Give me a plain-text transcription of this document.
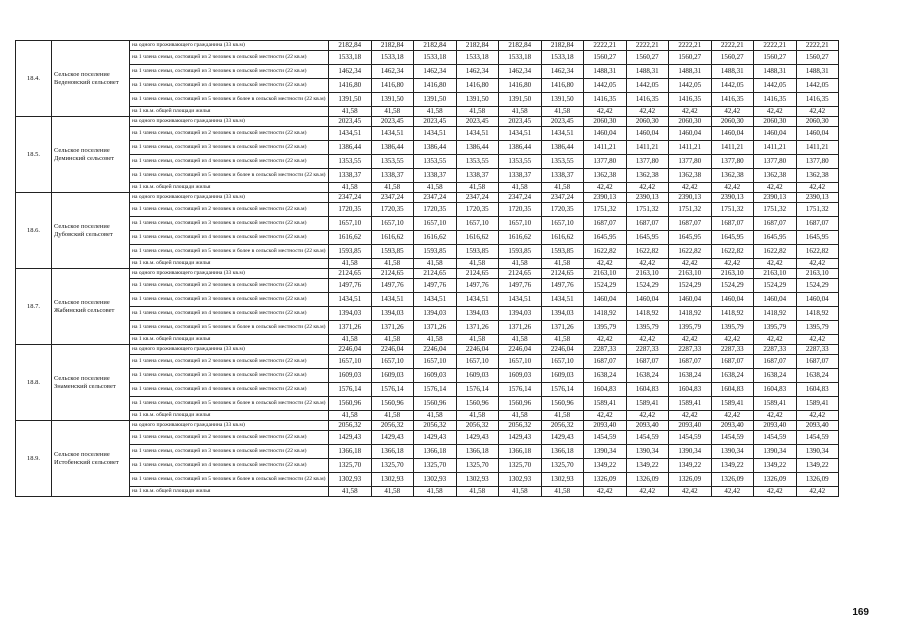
18.4.	Сельское поселение Веденовский сельсовет	на одного проживающего гражданина (33 кв.м)	2182,84	2182,84	2182,84	2182,84	2182,84	2182,84	2222,21	2222,21	2222,21	2222,21	2222,21	2222,21
		на 1 члена семьи, состоящей из 2 человек в сельской местности (22 кв.м)	1533,18	1533,18	1533,18	1533,18	1533,18	1533,18	1560,27	1560,27	1560,27	1560,27	1560,27	1560,27
		на 1 члена семьи, состоящей из 3 человек в сельской местности (22 кв.м)	1462,34	1462,34	1462,34	1462,34	1462,34	1462,34	1488,31	1488,31	1488,31	1488,31	1488,31	1488,31
		на 1 члена семьи, состоящей из 4 человек в сельской местности (22 кв.м)	1416,80	1416,80	1416,80	1416,80	1416,80	1416,80	1442,05	1442,05	1442,05	1442,05	1442,05	1442,05
		на 1 члена семьи, состоящей из 5 человек и более в сельской местности (22 кв.м)	1391,50	1391,50	1391,50	1391,50	1391,50	1391,50	1416,35	1416,35	1416,35	1416,35	1416,35	1416,35
		на 1 кв.м. общей площади жилья	41,58	41,58	41,58	41,58	41,58	41,58	42,42	42,42	42,42	42,42	42,42	42,42
18.5.	Сельское поселение Деминский сельсовет	на одного проживающего гражданина (33 кв.м)	2023,45	2023,45	2023,45	2023,45	2023,45	2023,45	2060,30	2060,30	2060,30	2060,30	2060,30	2060,30
		на 1 члена семьи, состоящей из 2 человек в сельской местности (22 кв.м)	1434,51	1434,51	1434,51	1434,51	1434,51	1434,51	1460,04	1460,04	1460,04	1460,04	1460,04	1460,04
		на 1 члена семьи, состоящей из 3 человек в сельской местности (22 кв.м)	1386,44	1386,44	1386,44	1386,44	1386,44	1386,44	1411,21	1411,21	1411,21	1411,21	1411,21	1411,21
		на 1 члена семьи, состоящей из 4 человек в сельской местности (22 кв.м)	1353,55	1353,55	1353,55	1353,55	1353,55	1353,55	1377,80	1377,80	1377,80	1377,80	1377,80	1377,80
		на 1 члена семьи, состоящей из 5 человек и более в сельской местности (22 кв.м)	1338,37	1338,37	1338,37	1338,37	1338,37	1338,37	1362,38	1362,38	1362,38	1362,38	1362,38	1362,38
		на 1 кв.м. общей площади жилья	41,58	41,58	41,58	41,58	41,58	41,58	42,42	42,42	42,42	42,42	42,42	42,42
18.6.	Сельское поселение Дубовский сельсовет	на одного проживающего гражданина (33 кв.м)	2347,24	2347,24	2347,24	2347,24	2347,24	2347,24	2390,13	2390,13	2390,13	2390,13	2390,13	2390,13
		на 1 члена семьи, состоящей из 2 человек в сельской местности (22 кв.м)	1720,35	1720,35	1720,35	1720,35	1720,35	1720,35	1751,32	1751,32	1751,32	1751,32	1751,32	1751,32
		на 1 члена семьи, состоящей из 3 человек в сельской местности (22 кв.м)	1657,10	1657,10	1657,10	1657,10	1657,10	1657,10	1687,07	1687,07	1687,07	1687,07	1687,07	1687,07
		на 1 члена семьи, состоящей из 4 человек в сельской местности (22 кв.м)	1616,62	1616,62	1616,62	1616,62	1616,62	1616,62	1645,95	1645,95	1645,95	1645,95	1645,95	1645,95
		на 1 члена семьи, состоящей из 5 человек и более в сельской местности (22 кв.м)	1593,85	1593,85	1593,85	1593,85	1593,85	1593,85	1622,82	1622,82	1622,82	1622,82	1622,82	1622,82
		на 1 кв.м. общей площади жилья	41,58	41,58	41,58	41,58	41,58	41,58	42,42	42,42	42,42	42,42	42,42	42,42
18.7.	Сельское поселение Жабинский сельсовет	на одного проживающего гражданина (33 кв.м)	2124,65	2124,65	2124,65	2124,65	2124,65	2124,65	2163,10	2163,10	2163,10	2163,10	2163,10	2163,10
		на 1 члена семьи, состоящей из 2 человек в сельской местности (22 кв.м)	1497,76	1497,76	1497,76	1497,76	1497,76	1497,76	1524,29	1524,29	1524,29	1524,29	1524,29	1524,29
		на 1 члена семьи, состоящей из 3 человек в сельской местности (22 кв.м)	1434,51	1434,51	1434,51	1434,51	1434,51	1434,51	1460,04	1460,04	1460,04	1460,04	1460,04	1460,04
		на 1 члена семьи, состоящей из 4 человек в сельской местности (22 кв.м)	1394,03	1394,03	1394,03	1394,03	1394,03	1394,03	1418,92	1418,92	1418,92	1418,92	1418,92	1418,92
		на 1 члена семьи, состоящей из 5 человек и более в сельской местности (22 кв.м)	1371,26	1371,26	1371,26	1371,26	1371,26	1371,26	1395,79	1395,79	1395,79	1395,79	1395,79	1395,79
		на 1 кв.м. общей площади жилья	41,58	41,58	41,58	41,58	41,58	41,58	42,42	42,42	42,42	42,42	42,42	42,42
18.8.	Сельское поселение Знаменский сельсовет	на одного проживающего гражданина (33 кв.м)	2246,04	2246,04	2246,04	2246,04	2246,04	2246,04	2287,33	2287,33	2287,33	2287,33	2287,33	2287,33
		на 1 члена семьи, состоящей из 2 человек в сельской местности (22 кв.м)	1657,10	1657,10	1657,10	1657,10	1657,10	1657,10	1687,07	1687,07	1687,07	1687,07	1687,07	1687,07
		на 1 члена семьи, состоящей из 3 человек в сельской местности (22 кв.м)	1609,03	1609,03	1609,03	1609,03	1609,03	1609,03	1638,24	1638,24	1638,24	1638,24	1638,24	1638,24
		на 1 члена семьи, состоящей из 4 человек в сельской местности (22 кв.м)	1576,14	1576,14	1576,14	1576,14	1576,14	1576,14	1604,83	1604,83	1604,83	1604,83	1604,83	1604,83
		на 1 члена семьи, состоящей из 5 человек и более в сельской местности (22 кв.м)	1560,96	1560,96	1560,96	1560,96	1560,96	1560,96	1589,41	1589,41	1589,41	1589,41	1589,41	1589,41
		на 1 кв.м. общей площади жилья	41,58	41,58	41,58	41,58	41,58	41,58	42,42	42,42	42,42	42,42	42,42	42,42
18.9.	Сельское поселение Истобенский сельсовет	на одного проживающего гражданина (33 кв.м)	2056,32	2056,32	2056,32	2056,32	2056,32	2056,32	2093,40	2093,40	2093,40	2093,40	2093,40	2093,40
		на 1 члена семьи, состоящей из 2 человек в сельской местности (22 кв.м)	1429,43	1429,43	1429,43	1429,43	1429,43	1429,43	1454,59	1454,59	1454,59	1454,59	1454,59	1454,59
		на 1 члена семьи, состоящей из 3 человек в сельской местности (22 кв.м)	1366,18	1366,18	1366,18	1366,18	1366,18	1366,18	1390,34	1390,34	1390,34	1390,34	1390,34	1390,34
		на 1 члена семьи, состоящей из 4 человек в сельской местности (22 кв.м)	1325,70	1325,70	1325,70	1325,70	1325,70	1325,70	1349,22	1349,22	1349,22	1349,22	1349,22	1349,22
		на 1 члена семьи, состоящей из 5 человек и более в сельской местности (22 кв.м)	1302,93	1302,93	1302,93	1302,93	1302,93	1302,93	1326,09	1326,09	1326,09	1326,09	1326,09	1326,09
		на 1 кв.м. общей площади жилья	41,58	41,58	41,58	41,58	41,58	41,58	42,42	42,42	42,42	42,42	42,42	42,42
169
